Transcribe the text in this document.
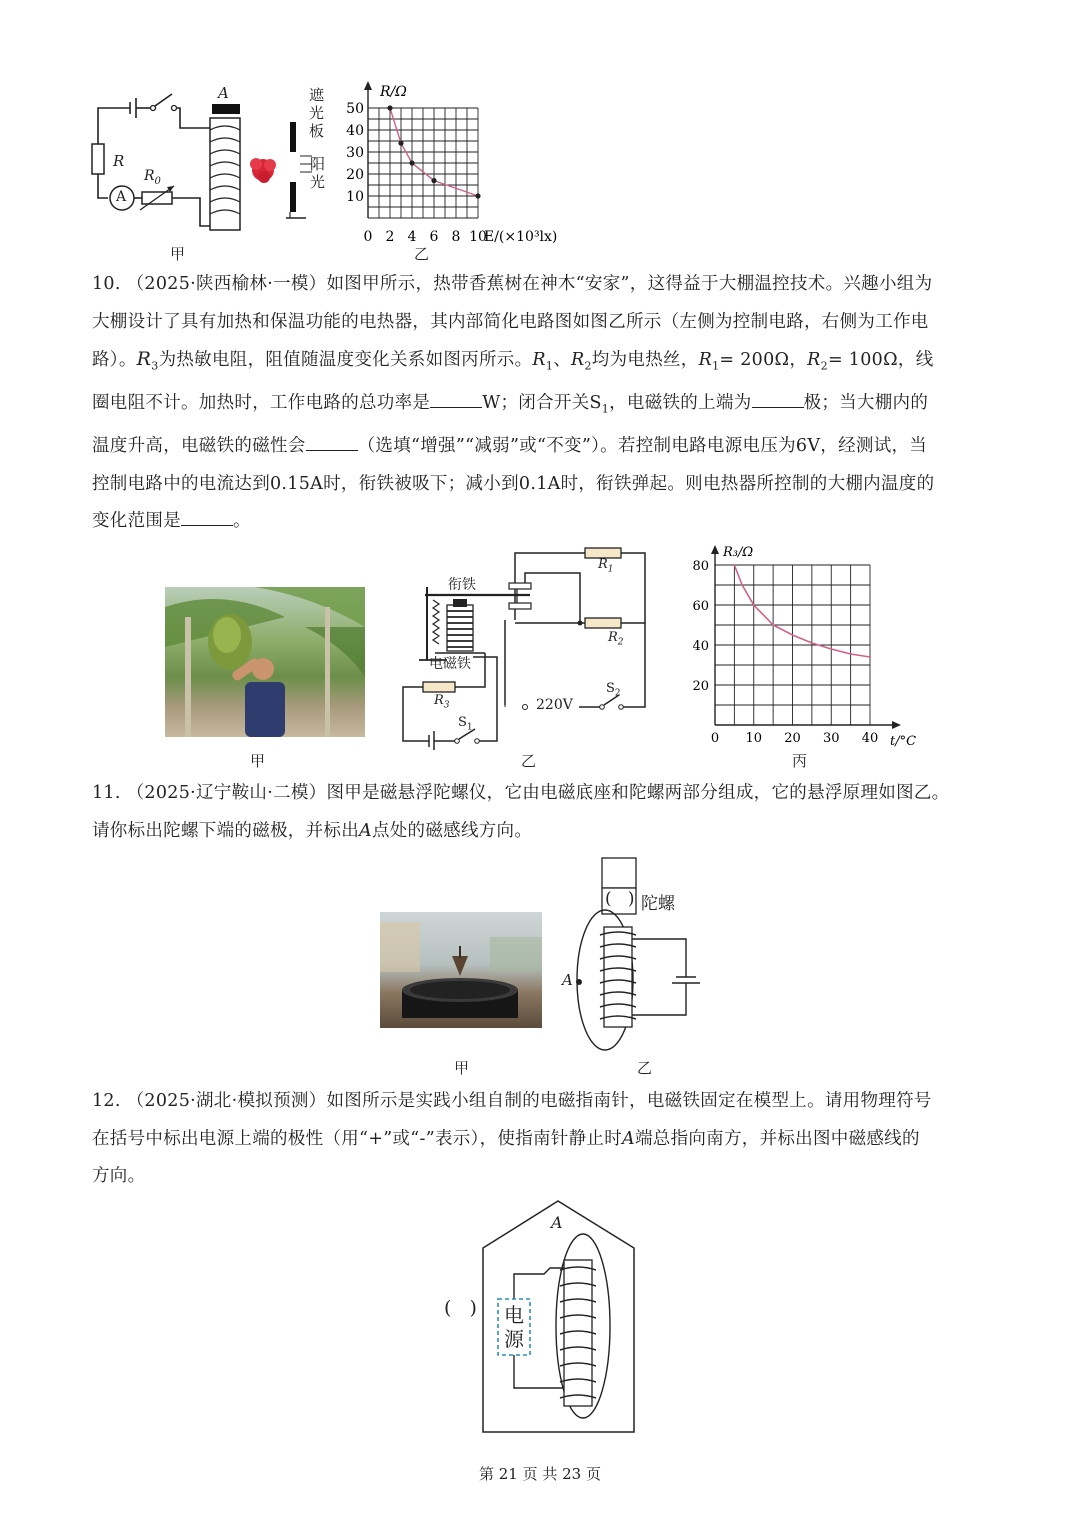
A
R
$R_0$
A
遮
光
板
阳
光
甲
R/Ω
10
20
30
40
50
0 2 4 6 8 10
E/(×10³lx)
乙
10. （2025·陕西榆林·一模）如图甲所示，热带香蕉树在神木“安家”，这得益于大棚温控技术。兴趣小组为
大棚设计了具有加热和保温功能的电热器，其内部简化电路图如图乙所示（左侧为控制电路，右侧为工作电
路）。$R_3$为热敏电阻，阻值随温度变化关系如图丙所示。$R_1$、$R_2$均为电热丝，$R_1= 200\Omega$，$R_2= 100\Omega$，线
圈电阻不计。加热时，工作电路的总功率是	W；闭合开关$S_1$，电磁铁的上端为	极；当大棚内的
温度升高，电磁铁的磁性会	（选填“增强”“减弱”或“不变”）。若控制电路电源电压为6V，经测试，当
控制电路中的电流达到0.15A时，衔铁被吸下；减小到0.1A时，衔铁弹起。则电热器所控制的大棚内温度的
变化范围是	。
甲
衔铁
电磁铁
220V
$R_1$
$R_2$
$R_3$
$S_1$
$S_2$
乙
R₃/Ω
20
40
60
80
0 10 20 30 40 t/°C
丙
11. （2025·辽宁鞍山·二模）图甲是磁悬浮陀螺仪，它由电磁底座和陀螺两部分组成，它的悬浮原理如图乙。
请你标出陀螺下端的磁极，并标出A点处的磁感线方向。
甲
(   ) 陀螺
A
乙
12. （2025·湖北·模拟预测）如图所示是实践小组自制的电磁指南针，电磁铁固定在模型上。请用物理符号
在括号中标出电源上端的极性（用“+”或“-”表示），使指南针静止时A端总指向南方，并标出图中磁感线的
方向。
A
(   ) 电
源
第 21 页 共 23 页
